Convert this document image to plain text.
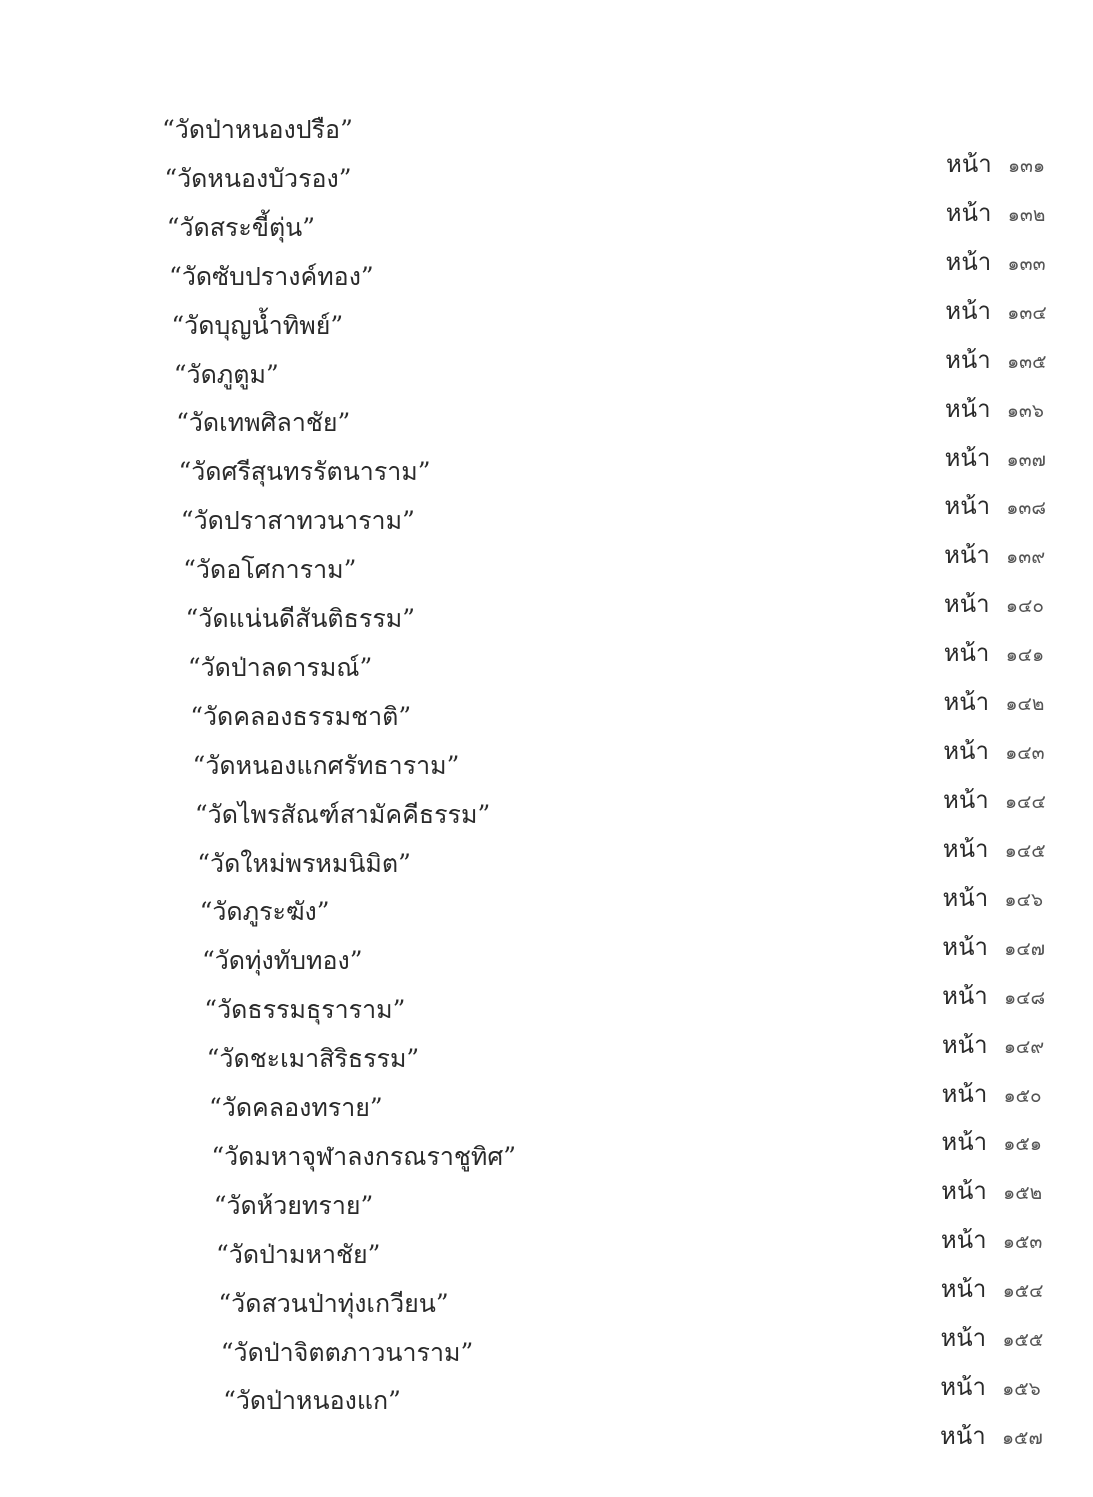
“วัดป่าหนองปรือ”
หน้า ๑๓๑
“วัดหนองบัวรอง”
หน้า ๑๓๒
“วัดสระขี้ตุ่น”
หน้า ๑๓๓
“วัดซับปรางค์ทอง”
หน้า ๑๓๔
“วัดบุญน้ำทิพย์”
หน้า ๑๓๕
“วัดภูตูม”
หน้า ๑๓๖
“วัดเทพศิลาชัย”
หน้า ๑๓๗
“วัดศรีสุนทรรัตนาราม”
หน้า ๑๓๘
“วัดปราสาทวนาราม”
หน้า ๑๓๙
“วัดอโศการาม”
หน้า ๑๔๐
“วัดแน่นดีสันติธรรม”
หน้า ๑๔๑
“วัดป่าลดารมณ์”
หน้า ๑๔๒
“วัดคลองธรรมชาติ”
หน้า ๑๔๓
“วัดหนองแกศรัทธาราม”
หน้า ๑๔๔
“วัดไพรสัณฑ์สามัคคีธรรม”
หน้า ๑๔๕
“วัดใหม่พรหมนิมิต”
หน้า ๑๔๖
“วัดภูระฆัง”
หน้า ๑๔๗
“วัดทุ่งทับทอง”
หน้า ๑๔๘
“วัดธรรมธุราราม”
หน้า ๑๔๙
“วัดชะเมาสิริธรรม”
หน้า ๑๕๐
“วัดคลองทราย”
หน้า ๑๕๑
“วัดมหาจุฬาลงกรณราชูทิศ”
หน้า ๑๕๒
“วัดห้วยทราย”
หน้า ๑๕๓
“วัดป่ามหาชัย”
หน้า ๑๕๔
“วัดสวนป่าทุ่งเกวียน”
หน้า ๑๕๕
“วัดป่าจิตตภาวนาราม”
หน้า ๑๕๖
“วัดป่าหนองแก”
หน้า ๑๕๗
